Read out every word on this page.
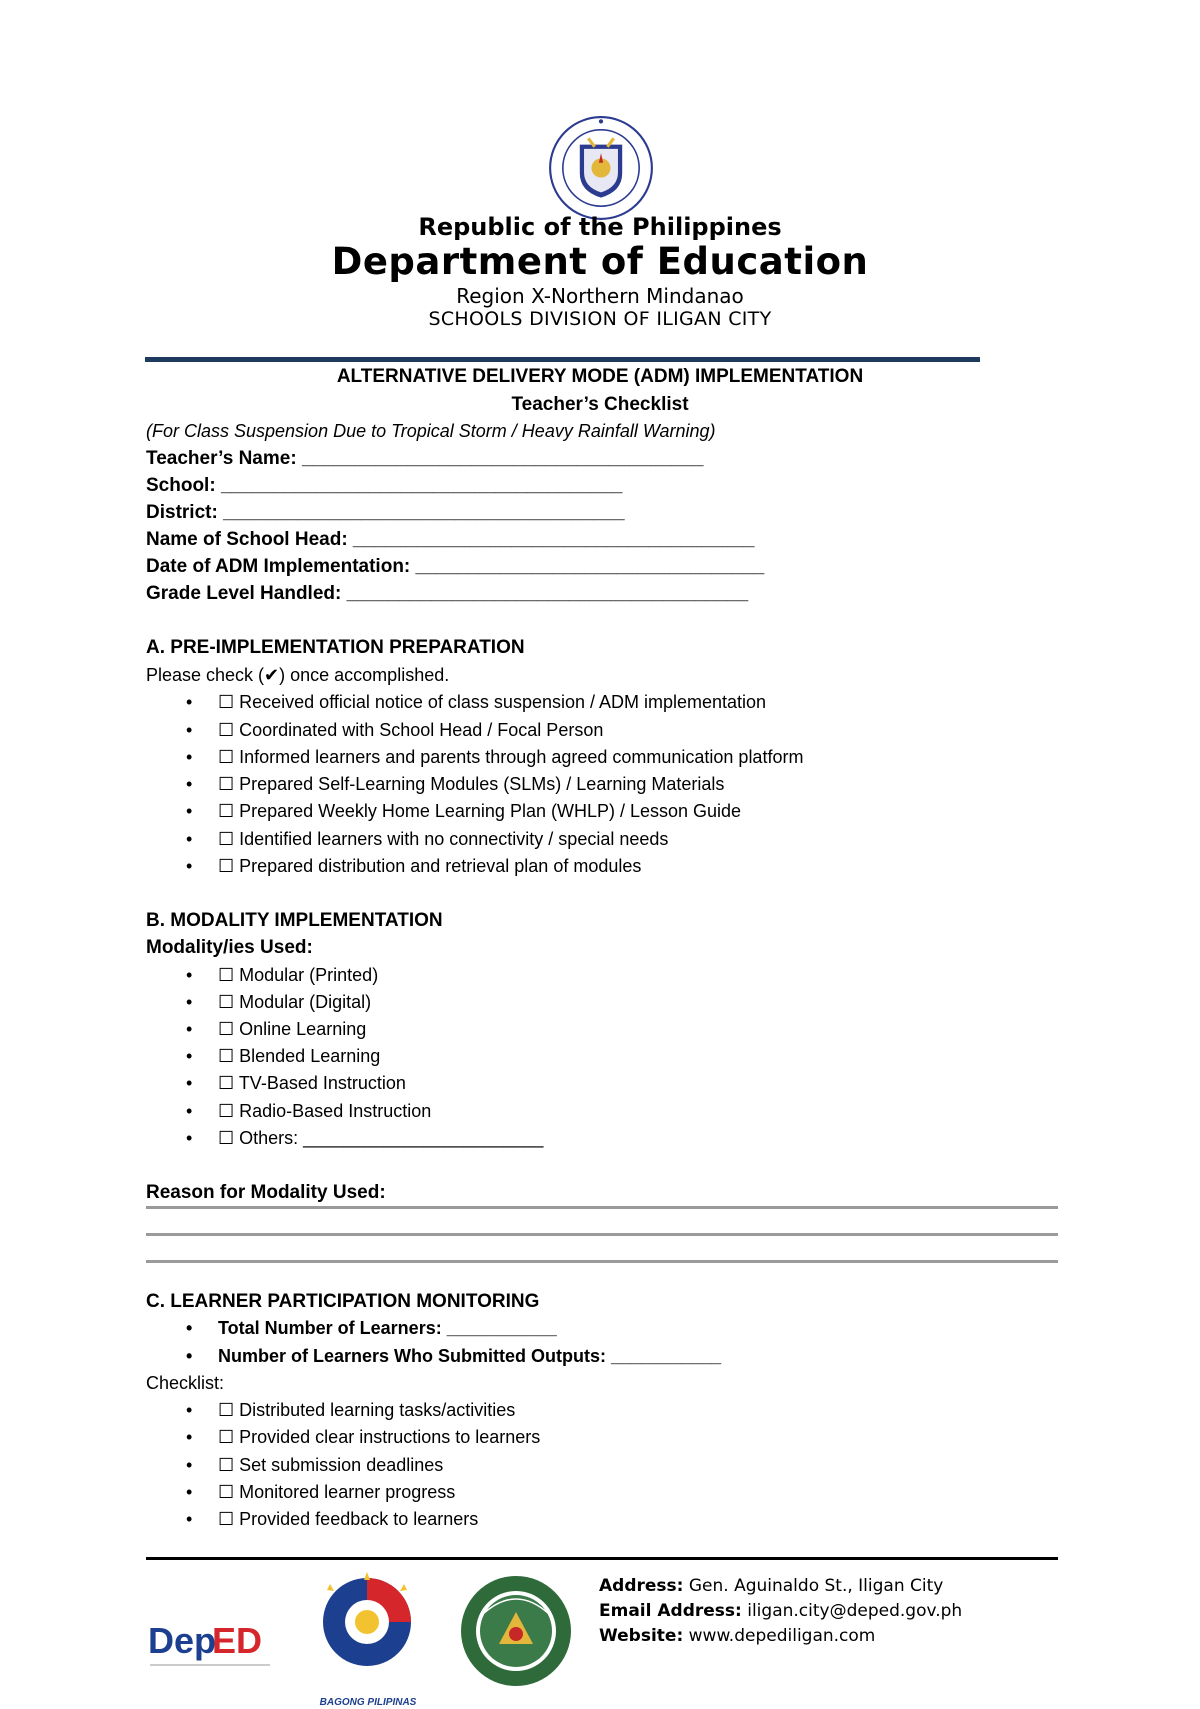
Republic of the Philippines
Department of Education
Region X-Northern Mindanao
SCHOOLS DIVISION OF ILIGAN CITY
ALTERNATIVE DELIVERY MODE (ADM) IMPLEMENTATION
Teacher’s Checklist
(For Class Suspension Due to Tropical Storm / Heavy Rainfall Warning)
Teacher’s Name: ______________________________________
School: ______________________________________
District: ______________________________________
Name of School Head: ______________________________________
Date of ADM Implementation: _________________________________
Grade Level Handled: ______________________________________
A. PRE-IMPLEMENTATION PREPARATION
Please check (✔) once accomplished.
• ☐ Received official notice of class suspension / ADM implementation
• ☐ Coordinated with School Head / Focal Person
• ☐ Informed learners and parents through agreed communication platform
• ☐ Prepared Self-Learning Modules (SLMs) / Learning Materials
• ☐ Prepared Weekly Home Learning Plan (WHLP) / Lesson Guide
• ☐ Identified learners with no connectivity / special needs
• ☐ Prepared distribution and retrieval plan of modules
B. MODALITY IMPLEMENTATION
Modality/ies Used:
• ☐ Modular (Printed)
• ☐ Modular (Digital)
• ☐ Online Learning
• ☐ Blended Learning
• ☐ TV-Based Instruction
• ☐ Radio-Based Instruction
• ☐ Others: ________________________
Reason for Modality Used:
C. LEARNER PARTICIPATION MONITORING
• Total Number of Learners: ___________
• Number of Learners Who Submitted Outputs: ___________
Checklist:
• ☐ Distributed learning tasks/activities
• ☐ Provided clear instructions to learners
• ☐ Set submission deadlines
• ☐ Monitored learner progress
• ☐ Provided feedback to learners
Dep
ED
BAGONG PILIPINAS
Address: Gen. Aguinaldo St., Iligan City
Email Address: iligan.city@deped.gov.ph
Website: www.depediligan.com
